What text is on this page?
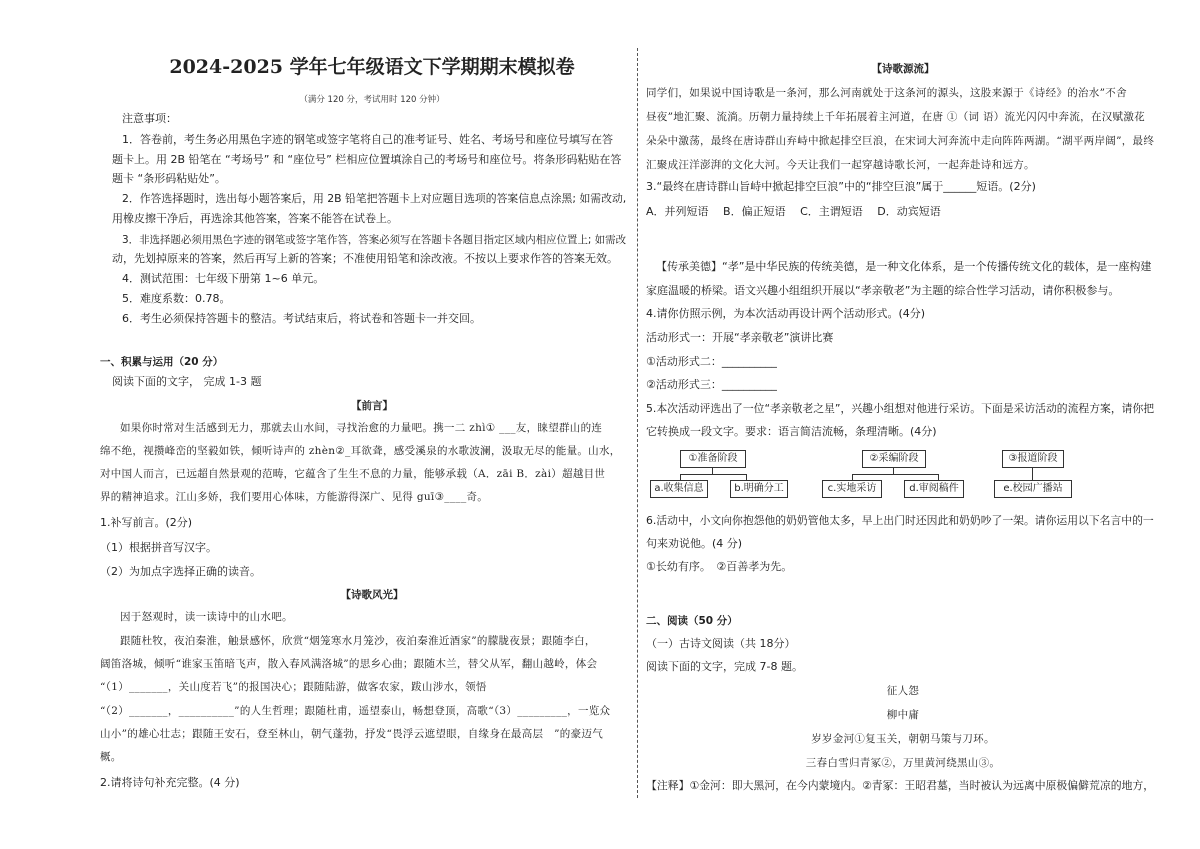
2024-2025 学年七年级语文下学期期末模拟卷
（满分 120 分，考试用时 120 分钟）
注意事项：
1．答卷前，考生务必用黑色字迹的钢笔或签字笔将自己的准考证号、姓名、考场号和座位号填写在答
题卡上。用 2B 铅笔在 “考场号” 和 “座位号” 栏相应位置填涂自己的考场号和座位号。将条形码粘贴在答
题卡 “条形码粘贴处”。
2．作答选择题时，选出每小题答案后，用 2B 铅笔把答题卡上对应题目选项的答案信息点涂黑; 如需改动,
用橡皮擦干净后，再选涂其他答案，答案不能答在试卷上。
3．非选择题必须用黑色字迹的钢笔或签字笔作答，答案必须写在答题卡各题目指定区域内相应位置上; 如需改
动，先划掉原来的答案，然后再写上新的答案；不准使用铅笔和涂改液。不按以上要求作答的答案无效。
4．测试范围：七年级下册第 1~6 单元。
5．难度系数：0.78。
6．考生必须保持答题卡的整洁。考试结束后，将试卷和答题卡一并交回。
一、积累与运用（20 分）
阅读下面的文字， 完成 1-3 题
【前言】
如果你时常对生活感到无力，那就去山水间，寻找治愈的力量吧。携一二 zhì① ___友，睐望群山的连
绵不绝，视攒峰峦的坚毅如铁，倾听诗声的 zhèn②_耳欲聋，感受溪泉的水歌波澜，汲取无尽的能量。山水，
对中国人而言，已远超自然景观的范畴，它蕴含了生生不息的力量，能够承载（A．zāi B．zài）超越目世
界的精神追求。江山多娇，我们要用心体味，方能游得深广、见得 guī③____奇。
1.补写前言。(2分)
（1）根据拼音写汉字。
（2）为加点字选择正确的读音。
【诗歌风光】
因于怒观时，读一读诗中的山水吧。
跟随杜牧，夜泊秦淮，触景感怀，欣赏“烟笼寒水月笼沙，夜泊秦淮近酒家”的朦胧夜景；跟随李白，
阔笛洛城，倾听“谁家玉笛暗飞声，散入春风满洛城”的思乡心曲；跟随木兰，替父从军，翻山越岭，体会
“（1）_______，关山度若飞”的报国决心；跟随陆游，做客农家，跋山涉水，领悟
“（2）_______，__________”的人生哲理；跟随杜甫，遥望泰山，畅想登顶，高歌“（3）_________，一览众
山小”的雄心壮志；跟随王安石，登至林山，朝气蓬勃，抒发“畏浮云遮望眼，自缘身在最高层　”的豪迈气
概。
2.请将诗句补充完整。(4 分)
【诗歌源流】
同学们，如果说中国诗歌是一条河，那么河南就处于这条河的源头，这股来源于《诗经》的治水”不舍
昼夜”地汇聚、流淌。历朝力量持续上千年拓展着主河道，在唐 ①（词 语）流光闪闪中奔流，在汉赋激花
朵朵中激荡，最终在唐诗群山弃峙中掀起排空巨浪，在宋词大河奔流中走向阵阵两湖。“湖平两岸阔”，最终
汇聚成汪洋澎湃的文化大河。今天让我们一起穿越诗歌长河，一起奔赴诗和远方。
3.“最终在唐诗群山旨峙中掀起排空巨浪”中的“排空巨浪”属于______短语。(2分)
A．并列短语　 B．偏正短语　 C．主谓短语　 D．动宾短语
【传承美德】“孝”是中华民族的传统美德，是一种文化体系，是一个传播传统文化的载体，是一座构建
家庭温暖的桥梁。语文兴趣小组组织开展以“孝亲敬老”为主题的综合性学习活动，请你积极参与。
4.请你仿照示例，为本次活动再设计两个活动形式。(4分)
活动形式一：开展“孝亲敬老”演讲比赛
①活动形式二：__________
②活动形式三：__________
5.本次活动评选出了一位“孝亲敬老之星”，兴趣小组想对他进行采访。下面是采访活动的流程方案，请你把
它转换成一段文字。要求：语言简洁流畅，条理清晰。(4分)
①准备阶段
a.收集信息	b.明确分工
②采编阶段
c.实地采访	d.审阅稿件
③报道阶段
e.校园广播站
6.活动中，小文向你抱怨他的奶奶管他太多，早上出门时还因此和奶奶吵了一架。请你运用以下名言中的一
句来劝说他。(4 分)
①长幼有序。　②百善孝为先。
二、阅读（50 分）
（一）古诗文阅读（共 18分）
阅读下面的文字，完成 7-8 题。
征人怨
柳中庸
岁岁金河①复玉关，朝朝马策与刀环。
三春白雪归青冢②，万里黄河绕黑山③。
【注释】①金河：即大黑河，在今内蒙境内。②青冢：王昭君墓，当时被认为远离中原极偏僻荒凉的地方，
